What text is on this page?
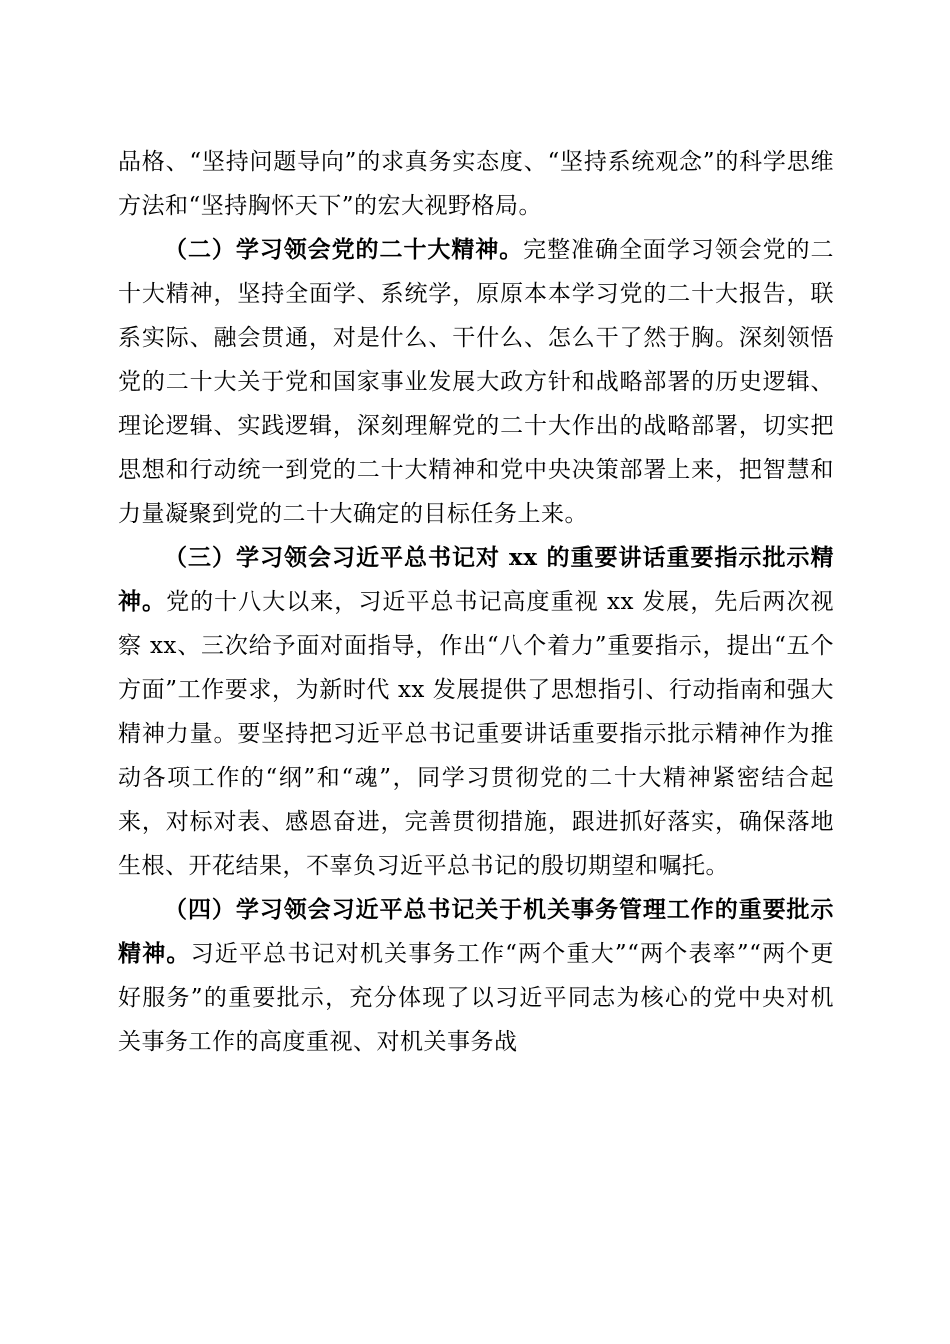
品格、“坚持问题导向”的求真务实态度、“坚持系统观念”的科学思维方法和“坚持胸怀天下”的宏大视野格局。

（二）学习领会党的二十大精神。完整准确全面学习领会党的二十大精神，坚持全面学、系统学，原原本本学习党的二十大报告，联系实际、融会贯通，对是什么、干什么、怎么干了然于胸。深刻领悟党的二十大关于党和国家事业发展大政方针和战略部署的历史逻辑、理论逻辑、实践逻辑，深刻理解党的二十大作出的战略部署，切实把思想和行动统一到党的二十大精神和党中央决策部署上来，把智慧和力量凝聚到党的二十大确定的目标任务上来。

（三）学习领会习近平总书记对 xx 的重要讲话重要指示批示精神。党的十八大以来，习近平总书记高度重视 xx 发展，先后两次视察 xx、三次给予面对面指导，作出“八个着力”重要指示，提出“五个方面”工作要求，为新时代 xx 发展提供了思想指引、行动指南和强大精神力量。要坚持把习近平总书记重要讲话重要指示批示精神作为推动各项工作的“纲”和“魂”，同学习贯彻党的二十大精神紧密结合起来，对标对表、感恩奋进，完善贯彻措施，跟进抓好落实，确保落地生根、开花结果，不辜负习近平总书记的殷切期望和嘱托。

（四）学习领会习近平总书记关于机关事务管理工作的重要批示精神。习近平总书记对机关事务工作“两个重大”“两个表率”“两个更好服务”的重要批示，充分体现了以习近平同志为核心的党中央对机关事务工作的高度重视、对机关事务战
